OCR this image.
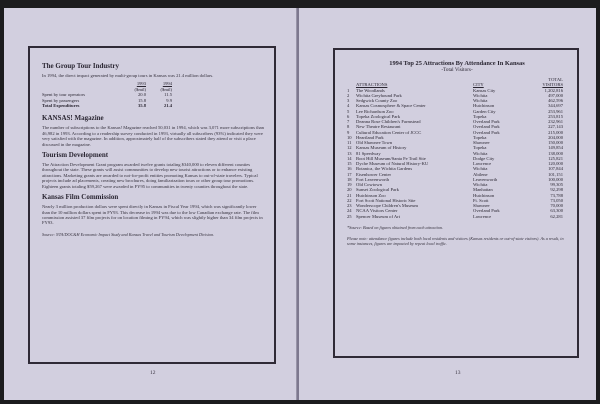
The Group Tour Industry

In 1994, the direct impact generated by multi-group tours in Kansas was 21.4 million dollars.

1993	1994
($mil)	($mil)
Spent by tour operators	20.0	11.5
Spent by passengers	15.8	9.9
Total Expenditures	35.8	21.4
KANSAS! Magazine

The number of subscriptions to the Kansas! Magazine reached 50,031 in 1994, which was 3,071 more subscriptions than 46,982 in 1993. According to a readership survey conducted in 1993, virtually all subscribers (93%) indicated they were very satisfied with the magazine. In addition, approximately half of the subscribers stated they attend or visit a place discussed in the magazine.

Tourism Development

The Attraction Development Grant program awarded twelve grants totaling $340,000 to eleven different counties throughout the state. These grants will assist communities to develop new tourist attractions or to enhance existing attractions. Marketing grants are awarded to not-for-profit entities promoting Kansas to out-of-state travelers. Typical projects include ad placements, creating new brochures, doing familiarization tours or other group tour promotions. Eighteen grants totaling $59,267 were awarded in FY95 to communities in twenty counties throughout the state.

Kansas Film Commission

Nearly 3 million production dollars were spent directly in Kansas in Fiscal Year 1994, which was significantly lower than the 10 million dollars spent in FY93. This decrease in 1994 was due to the low Canadian exchange rate. The film commission assisted 37 film projects for on location filming in FY94, which was slightly higher than 34 film projects in FY93.

Source: NTA/DOC&H Economic Impact Study and Kansas Travel and Tourism Development Division.
12
1994 Top 25 Attractions By Attendance In Kansas
-Total Visitors-
TOTAL
ATTRACTIONS	CITY	VISITORS
1	The Woodlands	Kansas City	1,202,816
2	Wichita Greyhound Park	Wichita	497,000
3	Sedgwick County Zoo	Wichita	462,596
4	Kansas Cosmosphere & Space Center	Hutchinson	344,697
5	Lee Richardson Zoo	Garden City	253,961
6	Topeka Zoological Park	Topeka	253,815
7	Deanna Rose Children's Farmstead	Overland Park	232,961
8	New Theatre Restaurant	Overland Park	227,143
9	Cultural Education Center of JCCC	Overland Park	215,000
10 Heartland Park	Topeka	204,000
11 Old Shawnee Town	Shawnee	150,000
12 Kansas Museum of History	Topeka	149,854
13 81 Speedway	Wichita	138,000
14 Boot Hill Museum/Santa Fe Trail Site	Dodge City	125,821
15 Dyche Museum of Natural History-KU	Lawrence	120,000
16 Botanica, the Wichita Gardens	Wichita	107,844
17 Eisenhower Center	Abilene	101,151
18 Fort Leavenworth	Leavenworth	100,000
19 Old Cowtown	Wichita	99,305
20 Sunset Zoological Park	Manhattan	92,298
21 Hutchinson Zoo	Hutchinson	73,788
22 Fort Scott National Historic Site	Ft. Scott	73,050
23 Wonderscope Children's Museum	Shawnee	70,000
24 NCAA Visitors Center	Overland Park	63,300
25 Spencer Museum of Art	Lawrence	62,281
*Source: Based on figures obtained from each attraction.
Please note: attendance figures include both local residents and visitors (Kansas residents or out-of-state visitors). As a result, in some instances, figures are impacted by repeat local traffic.
13
